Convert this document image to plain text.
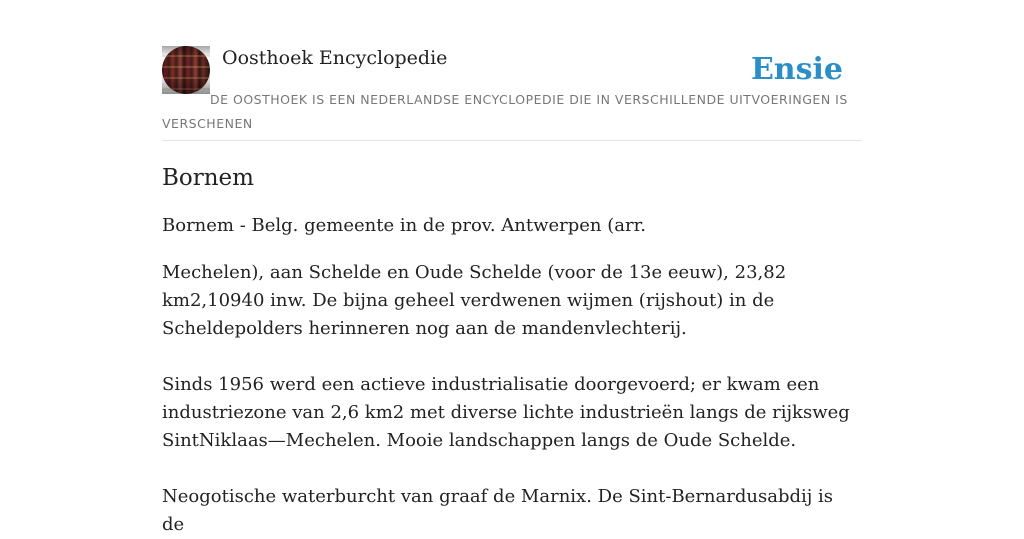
Oosthoek Encyclopedie	Ensie

DE OOSTHOEK IS EEN NEDERLANDSE ENCYCLOPEDIE DIE IN VERSCHILLENDE UITVOERINGEN IS VERSCHENEN

Bornem

Bornem - Belg. gemeente in de prov. Antwerpen (arr.

Mechelen), aan Schelde en Oude Schelde (voor de 13e eeuw), 23,82 km2,10940 inw. De bijna geheel verdwenen wijmen (rijshout) in de Scheldepolders herinneren nog aan de mandenvlechterij.

Sinds 1956 werd een actieve industrialisatie doorgevoerd; er kwam een industriezone van 2,6 km2 met diverse lichte industrieën langs de rijksweg SintNiklaas—Mechelen. Mooie landschappen langs de Oude Schelde.

Neogotische waterburcht van graaf de Marnix. De Sint-Bernardusabdij is de
